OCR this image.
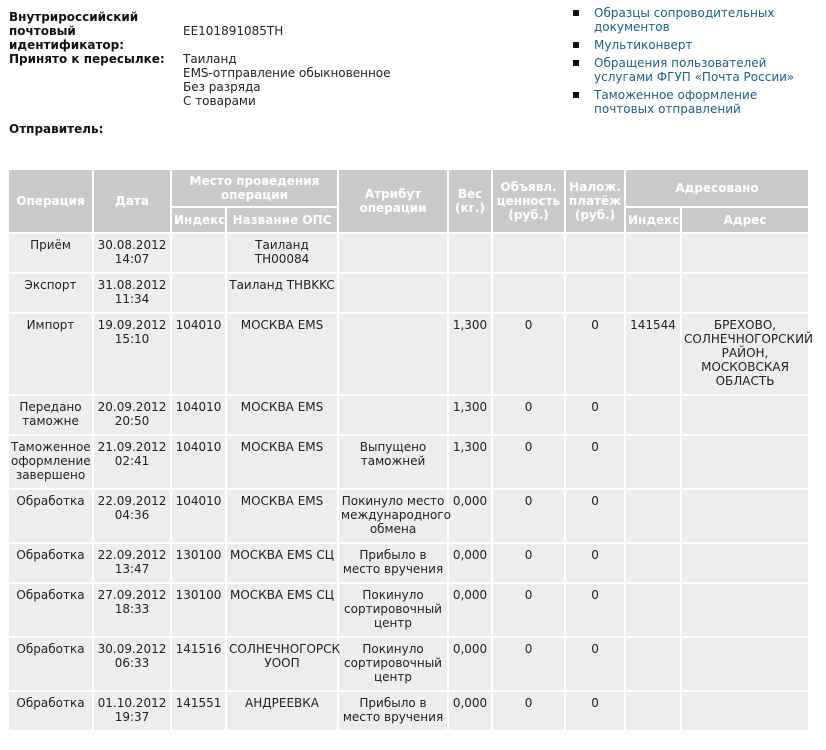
Внутрироссийский почтовый идентификатор:
EE101891085TH
Принято к пересылке: Таиланд
EMS-отправление обыкновенное
Без разряда
С товарами
Отправитель:
Образцы сопроводительных документов
Мультиконверт
Обращения пользователей услугами ФГУП «Почта России»
Таможенное оформление почтовых отправлений
Операция	Дата	Место проведения операции		Атрибут операции	Вес (кг.)	Объявл. ценность (руб.)	Налож. платёж (руб.)	Адресовано	
		Индекс	Название ОПС					Индекс	Адрес
Приём	30.08.2012 14:07		Таиланд TH00084						
Экспорт	31.08.2012 11:34		Таиланд THBKKC						
Импорт	19.09.2012 15:10	104010	МОСКВА EMS		1,300	0	0	141544	БРЕХОВО, СОЛНЕЧНОГОРСКИЙ РАЙОН, МОСКОВСКАЯ ОБЛАСТЬ
Передано таможне	20.09.2012 20:50	104010	МОСКВА EMS		1,300	0	0		
Таможенное оформление завершено	21.09.2012 02:41	104010	МОСКВА EMS	Выпущено таможней	1,300	0	0		
Обработка	22.09.2012 04:36	104010	МОСКВА EMS	Покинуло место международного обмена	0,000	0	0		
Обработка	22.09.2012 13:47	130100	МОСКВА EMS СЦ	Прибыло в место вручения	0,000	0	0		
Обработка	27.09.2012 18:33	130100	МОСКВА EMS СЦ	Покинуло сортировочный центр	0,000	0	0		
Обработка	30.09.2012 06:33	141516	СОЛНЕЧНОГОРСК УООП	Покинуло сортировочный центр	0,000	0	0		
Обработка	01.10.2012 19:37	141551	АНДРЕЕВКА	Прибыло в место вручения	0,000	0	0		
